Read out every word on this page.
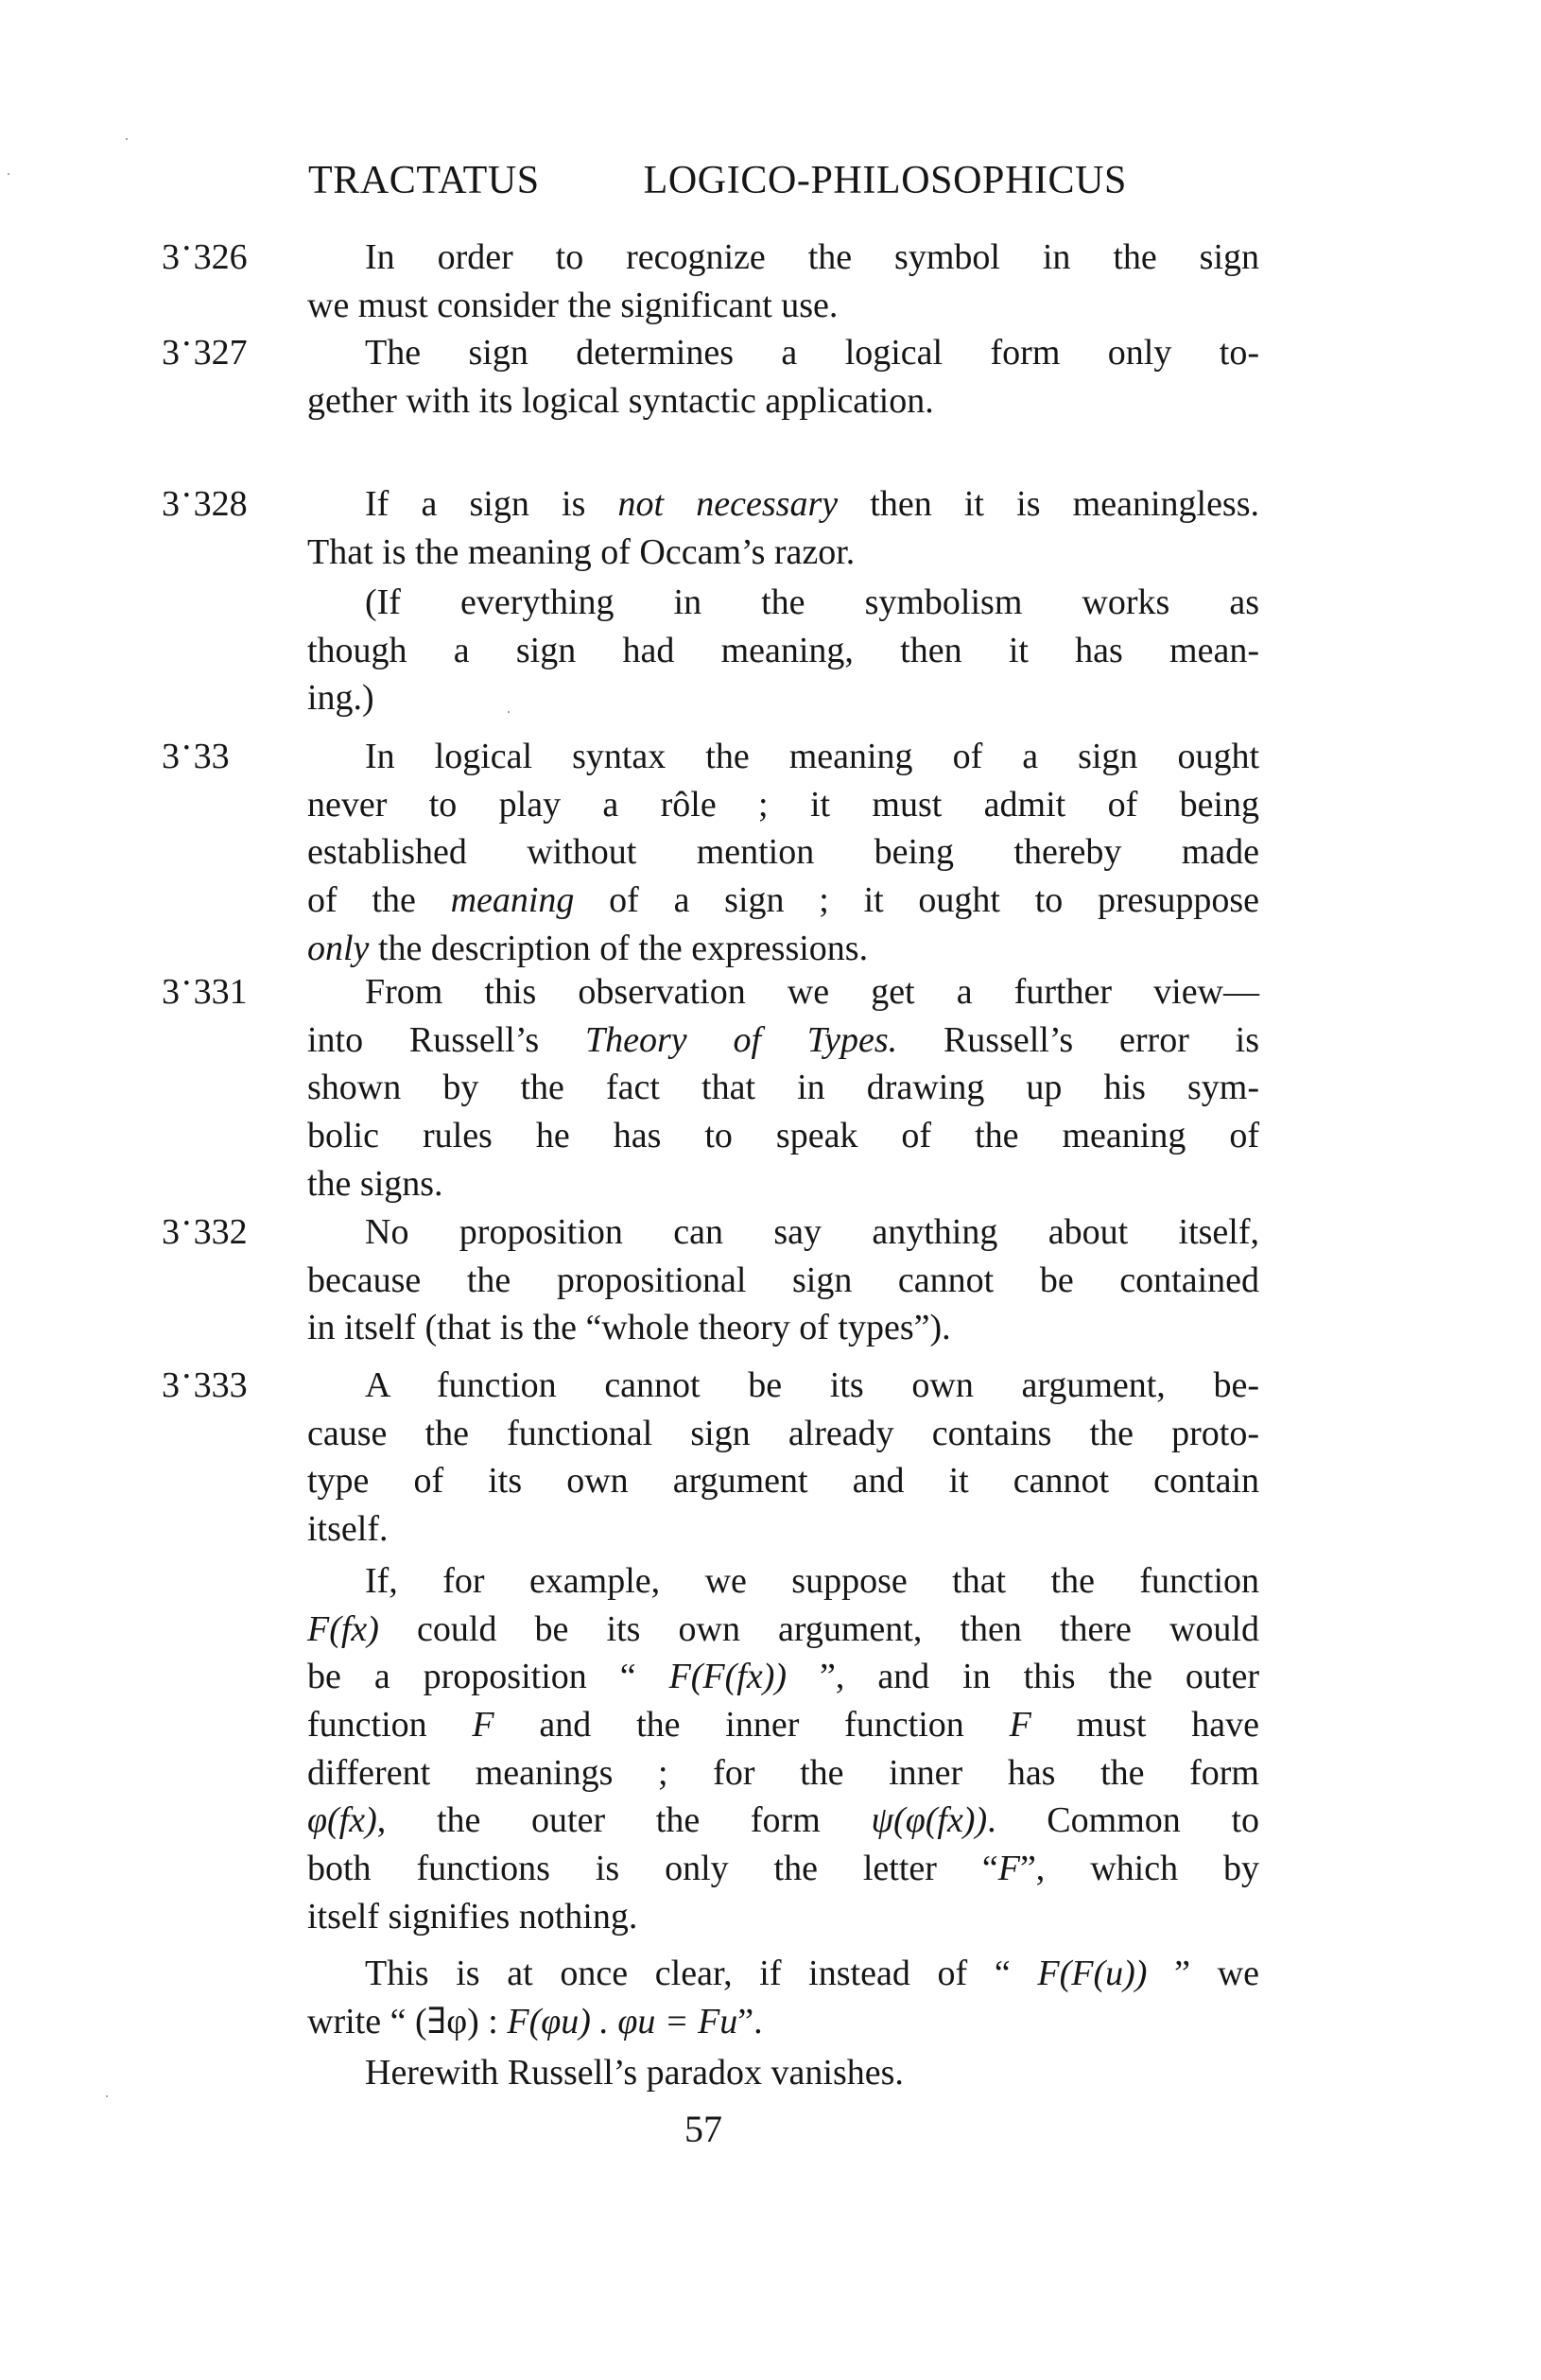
TRACTATUS LOGICO-PHILOSOPHICUS
3·326	In order to recognize the symbol in the sign
we must consider the significant use.
3·327	The sign determines a logical form only to-
gether with its logical syntactic application.
3·328	If a sign is not necessary then it is meaningless.
That is the meaning of Occam’s razor.
(If everything in the symbolism works as
though a sign had meaning, then it has mean-
ing.)
3·33	In logical syntax the meaning of a sign ought
never to play a rôle ; it must admit of being
established without mention being thereby made
of the meaning of a sign ; it ought to presuppose
only the description of the expressions.
3·331	From this observation we get a further view—
into Russell’s Theory of Types. Russell’s error is
shown by the fact that in drawing up his sym-
bolic rules he has to speak of the meaning of
the signs.
3·332	No proposition can say anything about itself,
because the propositional sign cannot be contained
in itself (that is the “whole theory of types”).
3·333	A function cannot be its own argument, be-
cause the functional sign already contains the proto-
type of its own argument and it cannot contain
itself.
If, for example, we suppose that the function
F(fx) could be its own argument, then there would
be a proposition “ F(F(fx)) ”, and in this the outer
function F and the inner function F must have
different meanings ; for the inner has the form
φ(fx), the outer the form ψ(φ(fx)). Common to
both functions is only the letter “F”, which by
itself signifies nothing.
This is at once clear, if instead of “ F(F(u)) ” we
write “ (∃φ) : F(φu) . φu = Fu”.
Herewith Russell’s paradox vanishes.
57
